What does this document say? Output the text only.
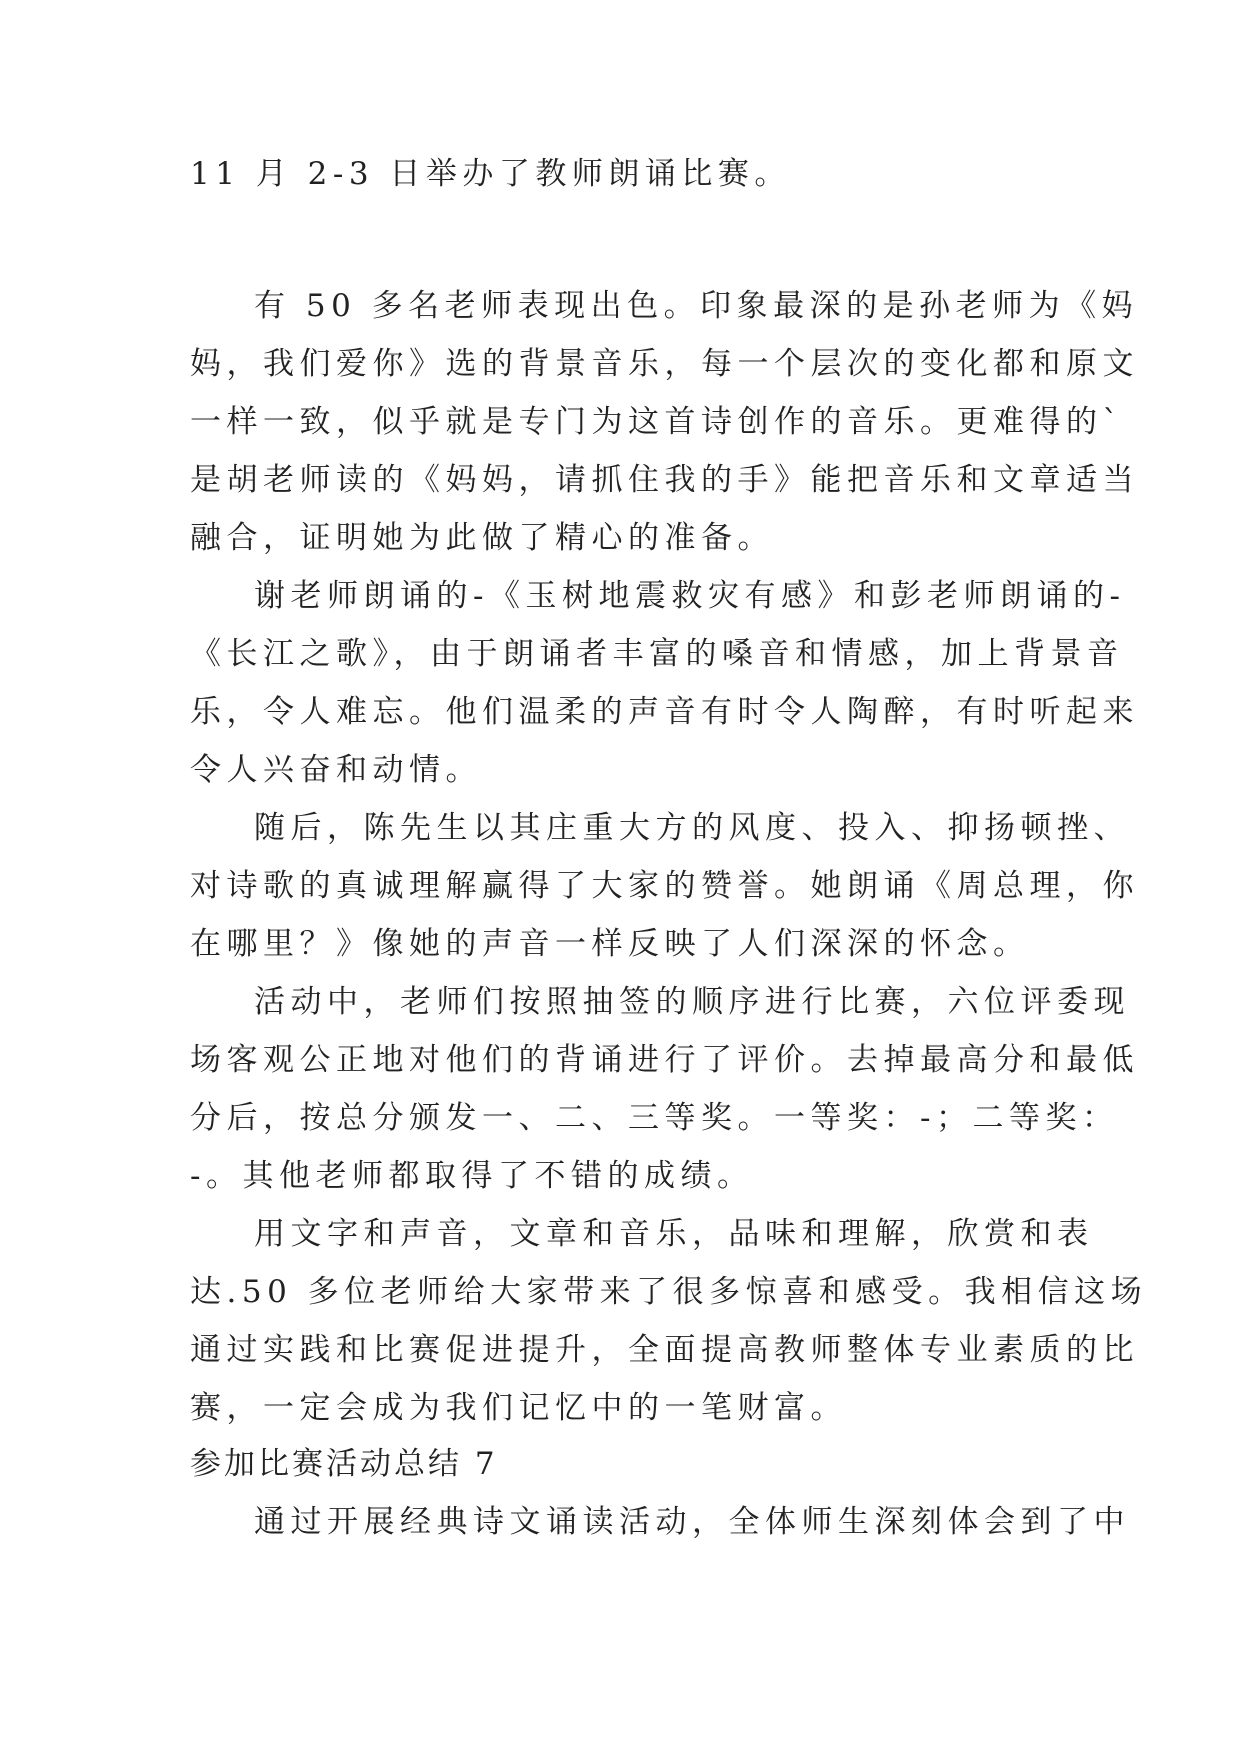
11 月 2-3 日举办了教师朗诵比赛。
有 50 多名老师表现出色。印象最深的是孙老师为《妈
妈，我们爱你》选的背景音乐，每一个层次的变化都和原文
一样一致，似乎就是专门为这首诗创作的音乐。更难得的`
是胡老师读的《妈妈，请抓住我的手》能把音乐和文章适当
融合，证明她为此做了精心的准备。
谢老师朗诵的-《玉树地震救灾有感》和彭老师朗诵的-
《长江之歌》，由于朗诵者丰富的嗓音和情感，加上背景音
乐，令人难忘。他们温柔的声音有时令人陶醉，有时听起来
令人兴奋和动情。
随后，陈先生以其庄重大方的风度、投入、抑扬顿挫、
对诗歌的真诚理解赢得了大家的赞誉。她朗诵《周总理，你
在哪里？》像她的声音一样反映了人们深深的怀念。
活动中，老师们按照抽签的顺序进行比赛，六位评委现
场客观公正地对他们的背诵进行了评价。去掉最高分和最低
分后，按总分颁发一、二、三等奖。一等奖：-；二等奖：
-。其他老师都取得了不错的成绩。
用文字和声音，文章和音乐，品味和理解，欣赏和表
达.50 多位老师给大家带来了很多惊喜和感受。我相信这场
通过实践和比赛促进提升，全面提高教师整体专业素质的比
赛，一定会成为我们记忆中的一笔财富。
参加比赛活动总结 7
通过开展经典诗文诵读活动，全体师生深刻体会到了中
